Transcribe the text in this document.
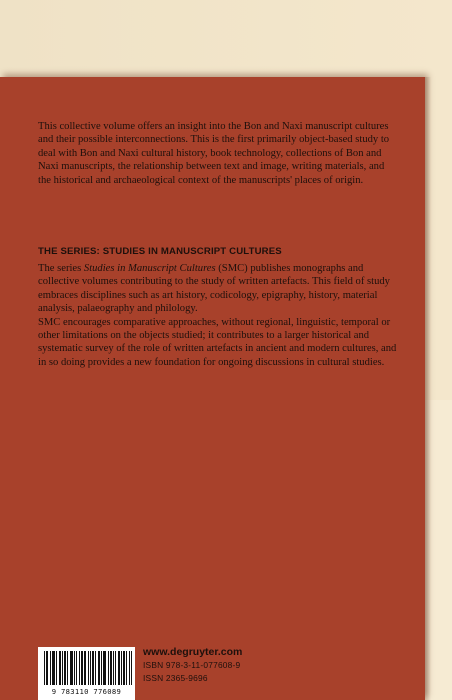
This collective volume offers an insight into the Bon and Naxi manuscript cultures and their possible interconnections. This is the first primarily object-based study to deal with Bon and Naxi cultural history, book technology, collections of Bon and Naxi manuscripts, the relationship between text and image, writing materials, and the historical and archaeological context of the manuscripts' places of origin.
THE SERIES: STUDIES IN MANUSCRIPT CULTURES

The series Studies in Manuscript Cultures (SMC) publishes monographs and collective volumes contributing to the study of written artefacts. This field of study embraces disciplines such as art history, codicology, epigraphy, history, material analysis, palaeography and philology.

SMC encourages comparative approaches, without regional, linguistic, temporal or other limitations on the objects studied; it contributes to a larger historical and systematic survey of the role of written artefacts in ancient and modern cultures, and in so doing provides a new foundation for ongoing discussions in cultural studies.

9 783110 776089
www.degruyter.com
ISBN 978-3-11-077608-9
ISSN 2365-9696
